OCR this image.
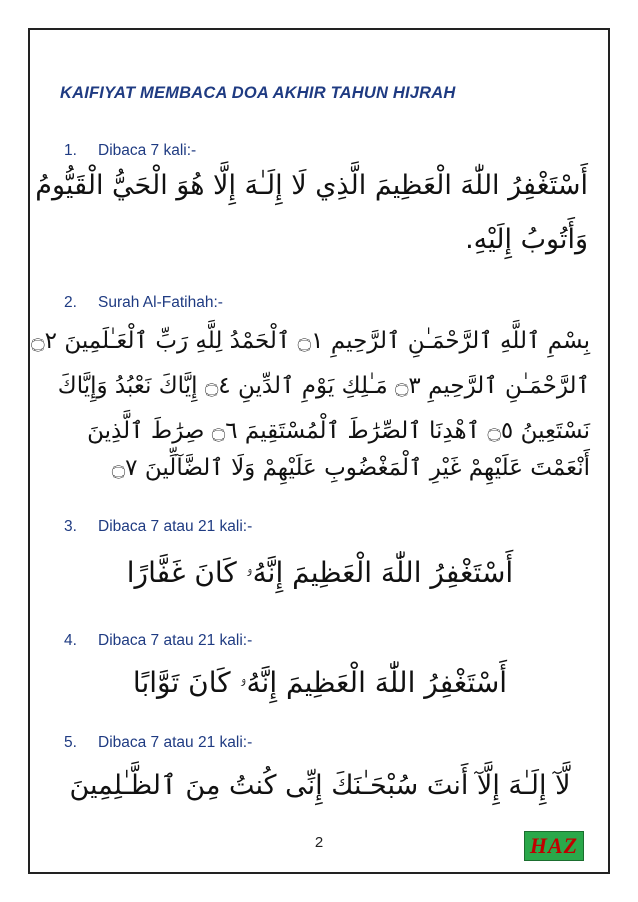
KAIFIYAT MEMBACA DOA AKHIR TAHUN HIJRAH
1. Dibaca 7 kali:-
أَسْتَغْفِرُ اللّٰهَ الْعَظِيمَ الَّذِي لَا إِلَـٰهَ إِلَّا هُوَ الْحَيُّ الْقَيُّومُ
وَأَتُوبُ إِلَيْهِ.
2. Surah Al-Fatihah:-
بِسْمِ ٱللَّهِ ٱلرَّحْمَـٰنِ ٱلرَّحِيمِ ۝١ ٱلْحَمْدُ لِلَّهِ رَبِّ ٱلْعَـٰلَمِينَ ۝٢
ٱلرَّحْمَـٰنِ ٱلرَّحِيمِ ۝٣ مَـٰلِكِ يَوْمِ ٱلدِّينِ ۝٤ إِيَّاكَ نَعْبُدُ وَإِيَّاكَ
نَسْتَعِينُ ۝٥ ٱهْدِنَا ٱلصِّرَٰطَ ٱلْمُسْتَقِيمَ ۝٦ صِرَٰطَ ٱلَّذِينَ
أَنْعَمْتَ عَلَيْهِمْ غَيْرِ ٱلْمَغْضُوبِ عَلَيْهِمْ وَلَا ٱلضَّآلِّينَ ۝٧
3. Dibaca 7 atau 21 kali:-
أَسْتَغْفِرُ اللّٰهَ الْعَظِيمَ إِنَّهُۥ كَانَ غَفَّارًا
4. Dibaca 7 atau 21 kali:-
أَسْتَغْفِرُ اللّٰهَ الْعَظِيمَ إِنَّهُۥ كَانَ تَوَّابًا
5. Dibaca 7 atau 21 kali:-
لَّآ إِلَـٰهَ إِلَّآ أَنتَ سُبْحَـٰنَكَ إِنِّى كُنتُ مِنَ ٱلظَّـٰلِمِينَ
2	HAZ
